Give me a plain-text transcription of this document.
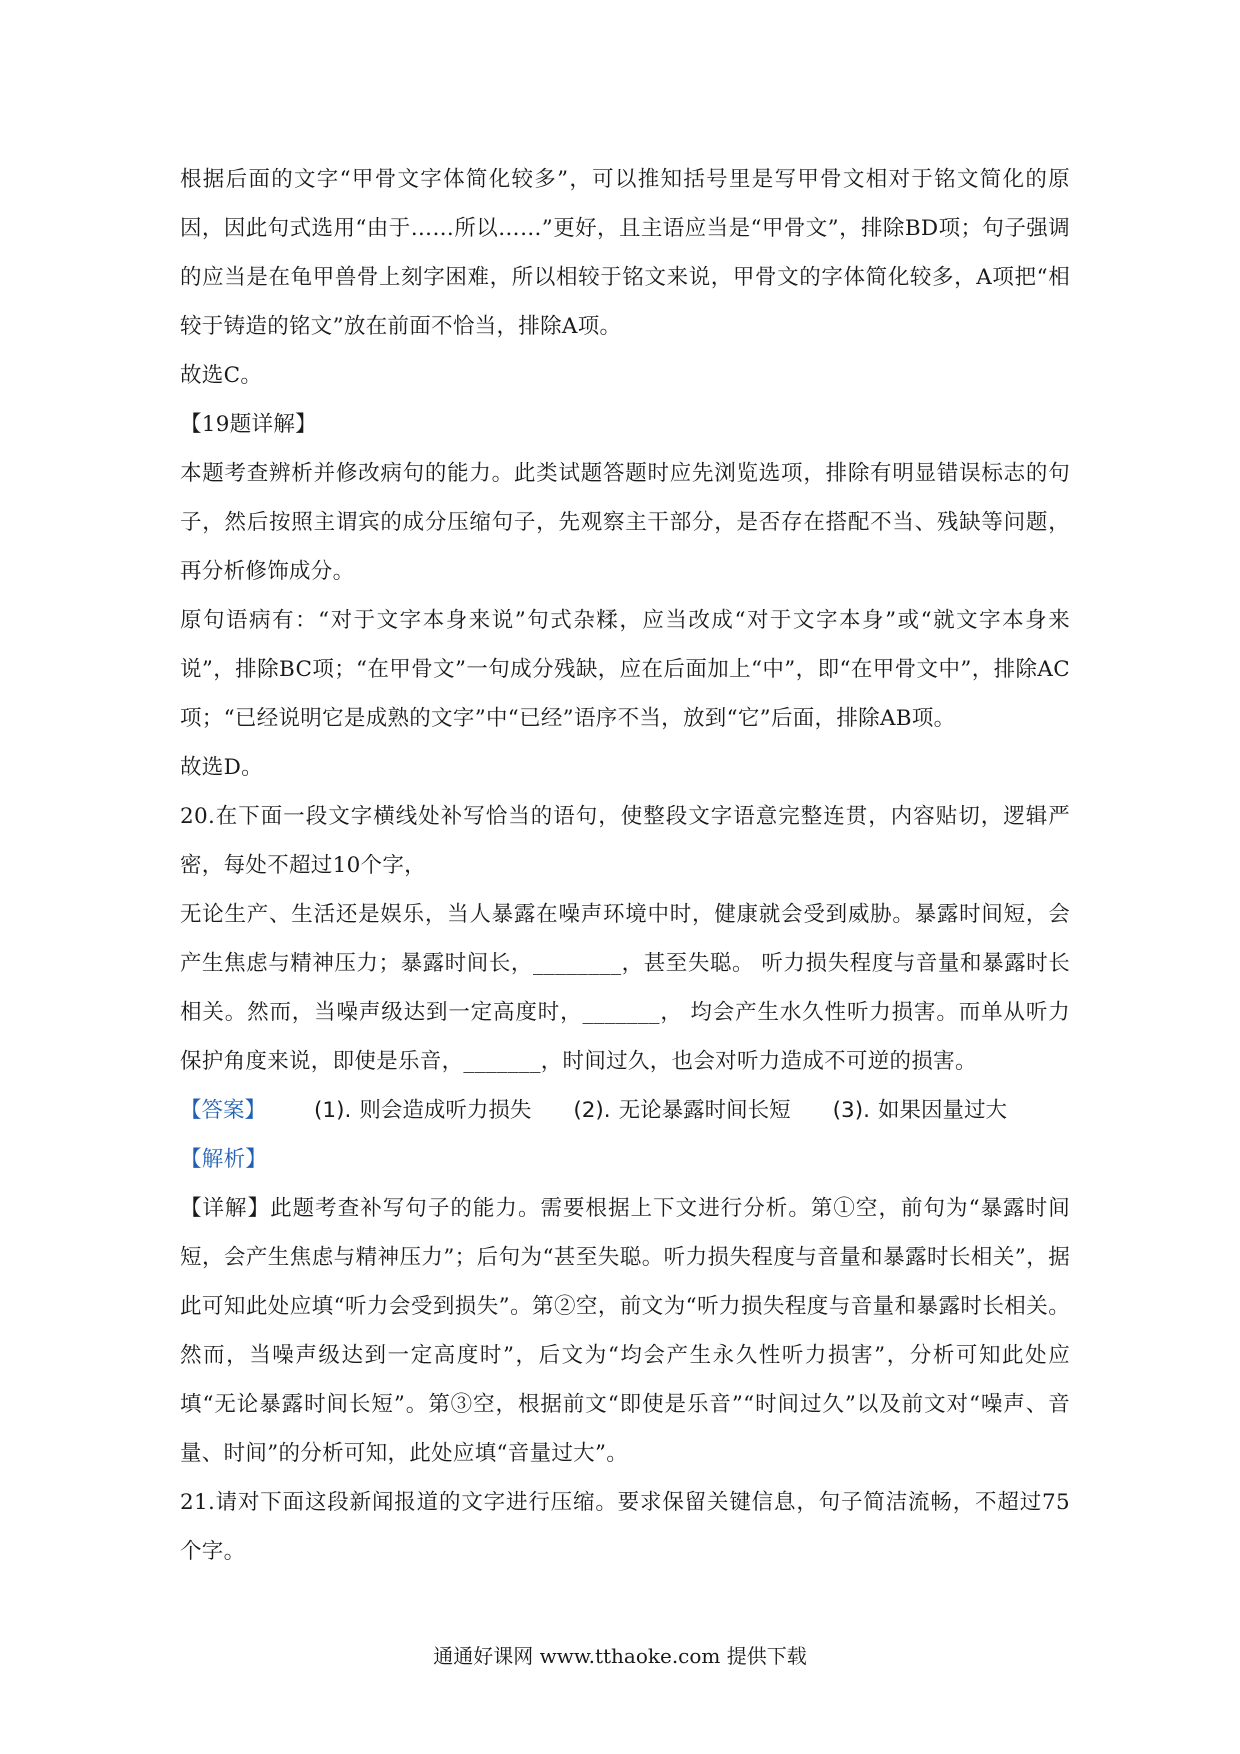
根据后面的文字“甲骨文字体简化较多”，可以推知括号里是写甲骨文相对于铭文简化的原因，因此句式选用“由于……所以……”更好，且主语应当是“甲骨文”，排除BD项；句子强调的应当是在龟甲兽骨上刻字困难，所以相较于铭文来说，甲骨文的字体简化较多，A项把“相较于铸造的铭文”放在前面不恰当，排除A项。

故选C。

【19题详解】

本题考查辨析并修改病句的能力。此类试题答题时应先浏览选项，排除有明显错误标志的句子，然后按照主谓宾的成分压缩句子，先观察主干部分，是否存在搭配不当、残缺等问题，再分析修饰成分。

原句语病有：“对于文字本身来说”句式杂糅，应当改成“对于文字本身”或“就文字本身来说”，排除BC项；“在甲骨文”一句成分残缺，应在后面加上“中”，即“在甲骨文中”，排除AC项；“已经说明它是成熟的文字”中“已经”语序不当，放到“它”后面，排除AB项。

故选D。

20.在下面一段文字横线处补写恰当的语句，使整段文字语意完整连贯，内容贴切，逻辑严密，每处不超过10个字，

无论生产、生活还是娱乐，当人暴露在噪声环境中时，健康就会受到威胁。暴露时间短，会产生焦虑与精神压力；暴露时间长，________，甚至失聪。 听力损失程度与音量和暴露时长相关。然而，当噪声级达到一定高度时，_______， 均会产生水久性听力损害。而单从听力保护角度来说，即使是乐音，_______，时间过久，也会对听力造成不可逆的损害。

【答案】 (1). 则会造成听力损失 (2). 无论暴露时间长短 (3). 如果因量过大

【解析】

【详解】此题考查补写句子的能力。需要根据上下文进行分析。第①空，前句为“暴露时间短，会产生焦虑与精神压力”；后句为“甚至失聪。听力损失程度与音量和暴露时长相关”，据此可知此处应填“听力会受到损失”。第②空，前文为“听力损失程度与音量和暴露时长相关。然而，当噪声级达到一定高度时”，后文为“均会产生永久性听力损害”，分析可知此处应填“无论暴露时间长短”。第③空，根据前文“即使是乐音”“时间过久”以及前文对“噪声、音量、时间”的分析可知，此处应填“音量过大”。

21.请对下面这段新闻报道的文字进行压缩。要求保留关键信息，句子简洁流畅，不超过75个字。

通通好课网 www.tthaoke.com 提供下载
